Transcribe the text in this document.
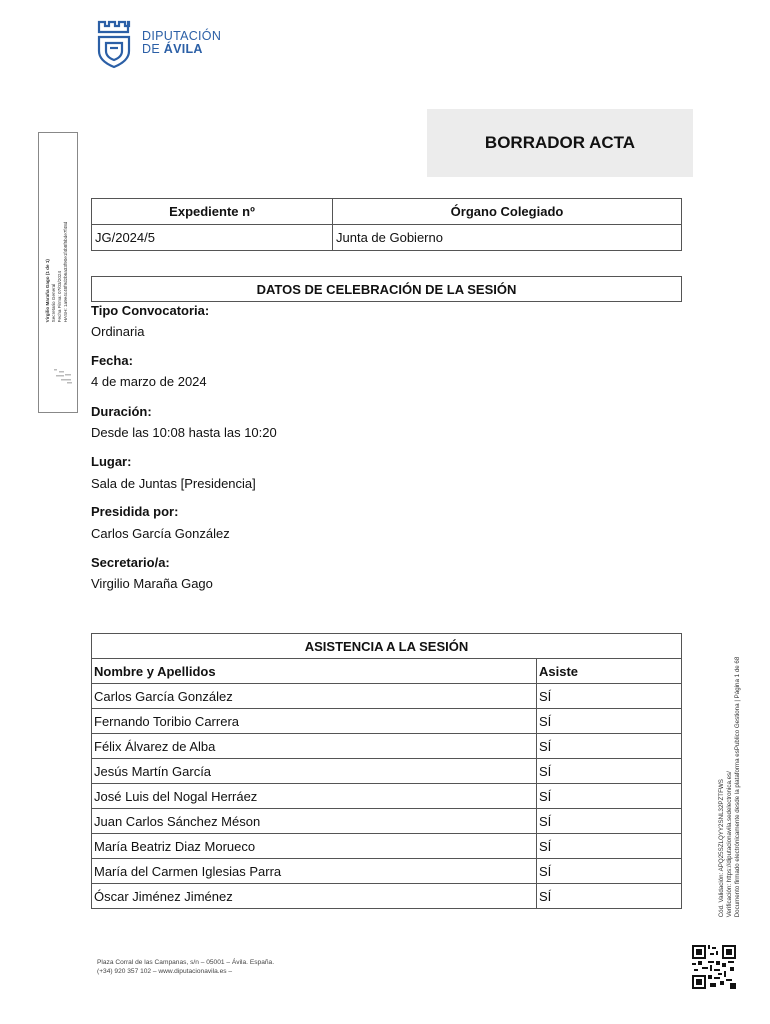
DIPUTACIÓN
DE ÁVILA
Virgilio Maraña Gago (1 de 1) Secretario General Fecha Firma: 07/03/2024 HASH: 1a9e4c48f9d2b6a33f90e1f4b8f5bde7f48d
BORRADOR ACTA
Expediente nº	Órgano Colegiado
JG/2024/5	Junta de Gobierno
DATOS DE CELEBRACIÓN DE LA SESIÓN
Tipo Convocatoria:
Ordinaria
Fecha:
4 de marzo de 2024
Duración:
Desde las 10:08 hasta las 10:20
Lugar:
Sala de Juntas [Presidencia]
Presidida por:
Carlos García González
Secretario/a:
Virgilio Maraña Gago
ASISTENCIA A LA SESIÓN	
Nombre y Apellidos	Asiste
Carlos García González	SÍ
Fernando Toribio Carrera	SÍ
Félix Álvarez de Alba	SÍ
Jesús Martín García	SÍ
José Luis del Nogal Herráez	SÍ
Juan Carlos Sánchez Méson	SÍ
María Beatriz Diaz Morueco	SÍ
María del Carmen Iglesias Parra	SÍ
Óscar Jiménez Jiménez	SÍ	Cód. Validación: APQ25SZLQYY2SNL32PZTFWS Verificación: https://diputacionavila.sedelectronica.es/ Documento firmado electrónicamente desde la plataforma esPublico Gestiona | Página 1 de 68
Plaza Corral de las Campanas, s/n – 05001 – Ávila. España.
(+34) 920 357 102 – www.diputacionavila.es –
